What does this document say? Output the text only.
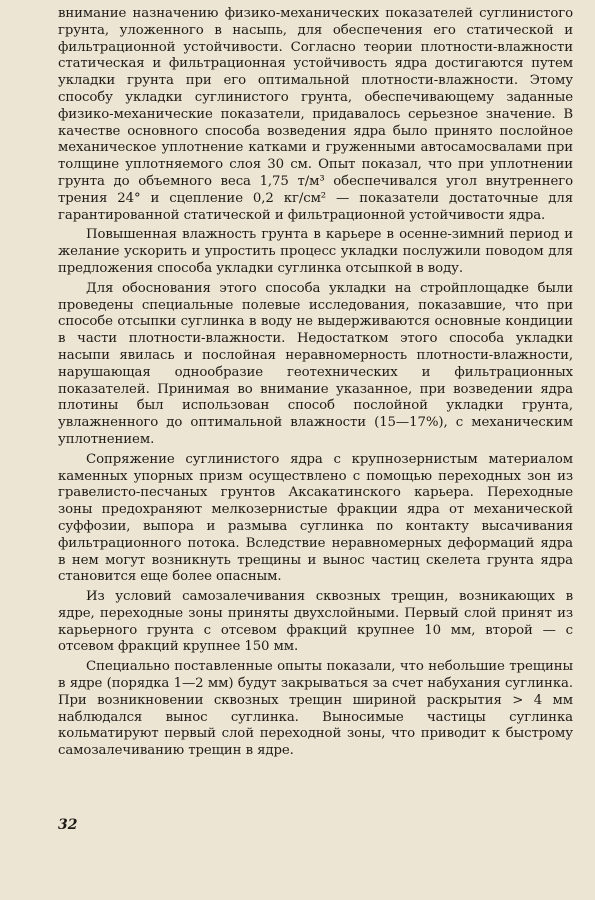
внимание назначению физико-механических показателей суглинистого грунта, уложенного в насыпь, для обеспечения его статической и фильтрационной устойчивости. Согласно теории плотности-влажности статическая и фильтрационная устойчивость ядра достигаются путем укладки грунта при его оптимальной плотности-влажности. Этому способу укладки суглинистого грунта, обеспечивающему заданные физико-механические показатели, придавалось серьезное значение. В качестве основного способа возведения ядра было принято послойное механическое уплотнение катками и груженными автосамосвалами при толщине уплотняемого слоя 30 см. Опыт показал, что при уплотнении грунта до объемного веса 1,75 т/м³ обеспечивался угол внутреннего трения 24° и сцепление 0,2 кг/см² — показатели достаточные для гарантированной статической и фильтрационной устойчивости ядра.

Повышенная влажность грунта в карьере в осенне-зимний период и желание ускорить и упростить процесс укладки послужили поводом для предложения способа укладки суглинка отсыпкой в воду.

Для обоснования этого способа укладки на стройплощадке были проведены специальные полевые исследования, показавшие, что при способе отсыпки суглинка в воду не выдерживаются основные кондиции в части плотности-влажности. Недостатком этого способа укладки насыпи явилась и послойная неравномерность плотности-влажности, нарушающая однообразие геотехнических и фильтрационных показателей. Принимая во внимание указанное, при возведении ядра плотины был использован способ послойной укладки грунта, увлажненного до оптимальной влажности (15—17%), с механическим уплотнением.

Сопряжение суглинистого ядра с крупнозернистым материалом каменных упорных призм осуществлено с помощью переходных зон из гравелисто-песчаных грунтов Аксакатинского карьера. Переходные зоны предохраняют мелкозернистые фракции ядра от механической суффозии, выпора и размыва суглинка по контакту высачивания фильтрационного потока. Вследствие неравномерных деформаций ядра в нем могут возникнуть трещины и вынос частиц скелета грунта ядра становится еще более опасным.

Из условий самозалечивания сквозных трещин, возникающих в ядре, переходные зоны приняты двухслойными. Первый слой принят из карьерного грунта с отсевом фракций крупнее 10 мм, второй — с отсевом фракций крупнее 150 мм.

Специально поставленные опыты показали, что небольшие трещины в ядре (порядка 1—2 мм) будут закрываться за счет набухания суглинка. При возникновении сквозных трещин шириной раскрытия > 4 мм наблюдался вынос суглинка. Выносимые частицы суглинка кольматируют первый слой переходной зоны, что приводит к быстрому самозалечиванию трещин в ядре.

32
